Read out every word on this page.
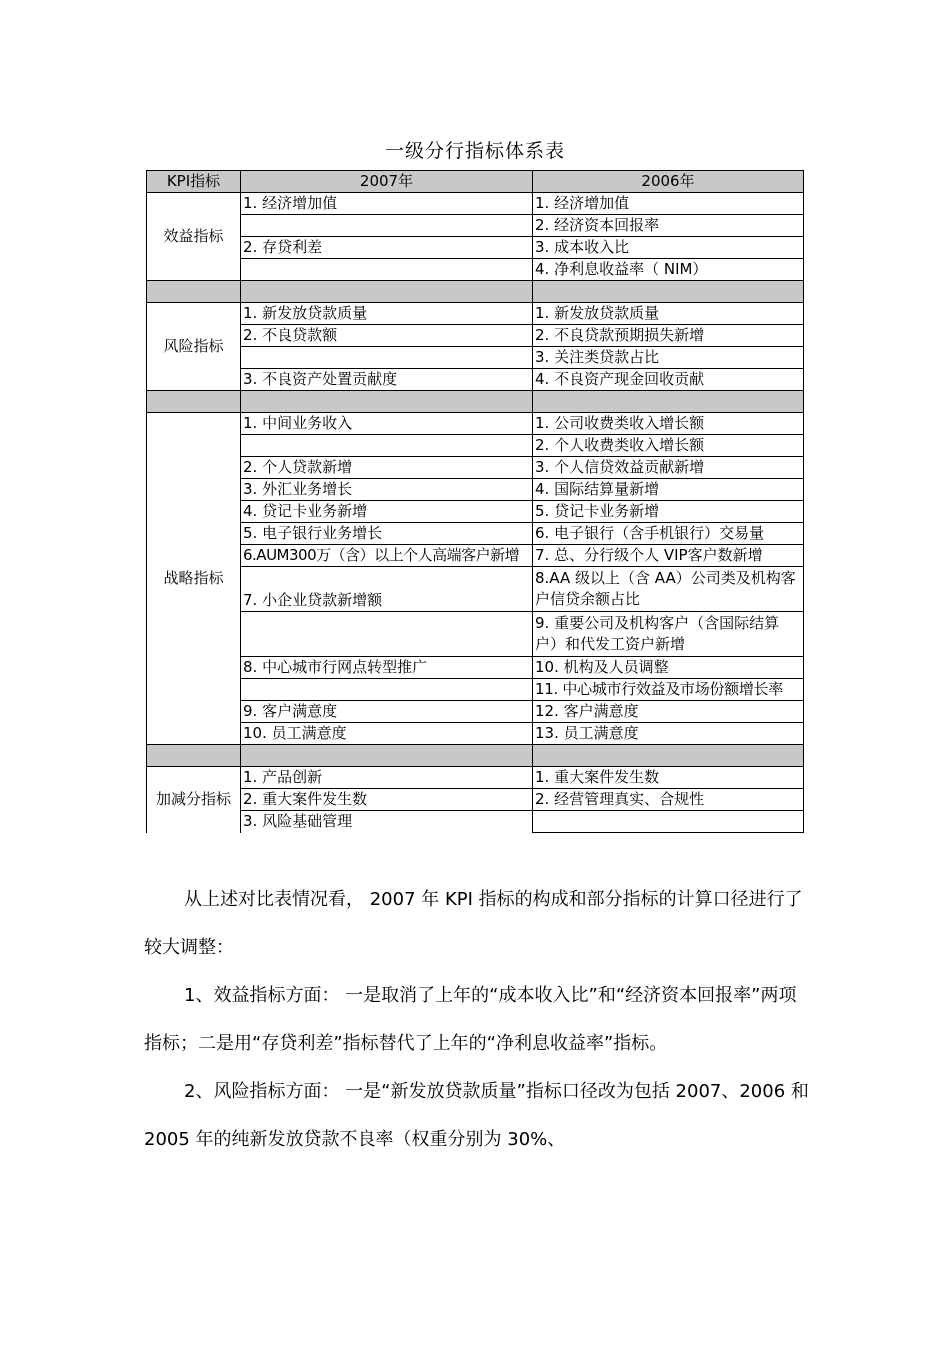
一级分行指标体系表
KPI指标	2007年	2006年
效益指标	1. 经济增加值	1. 经济增加值
		2. 经济资本回报率
	2. 存贷利差	3. 成本收入比
		4. 净利息收益率（ NIM）

风险指标	1. 新发放贷款质量	1. 新发放贷款质量
	2. 不良贷款额	2. 不良贷款预期损失新增
		3. 关注类贷款占比
	3. 不良资产处置贡献度	4. 不良资产现金回收贡献

战略指标	1. 中间业务收入	1. 公司收费类收入增长额
		2. 个人收费类收入增长额
	2. 个人贷款新增	3. 个人信贷效益贡献新增
	3. 外汇业务增长	4. 国际结算量新增
	4. 贷记卡业务新增	5. 贷记卡业务新增
	5. 电子银行业务增长	6. 电子银行（含手机银行）交易量
	6.AUM300万（含）以上个人高端客户新增	7. 总、分行级个人 VIP客户数新增
	7. 小企业贷款新增额	8.AA 级以上（含 AA）公司类及机构客户信贷余额占比
		9. 重要公司及机构客户（含国际结算户）和代发工资户新增
	8. 中心城市行网点转型推广	10. 机构及人员调整
		11. 中心城市行效益及市场份额增长率
	9. 客户满意度	12. 客户满意度
	10. 员工满意度	13. 员工满意度

加减分指标	1. 产品创新	1. 重大案件发生数
	2. 重大案件发生数	2. 经营管理真实、合规性
	3. 风险基础管理	

从上述对比表情况看， 2007 年 KPI 指标的构成和部分指标的计算口径进行了较大调整：

1、效益指标方面： 一是取消了上年的“成本收入比”和“经济资本回报率”两项指标；二是用“存贷利差”指标替代了上年的“净利息收益率”指标。

2、风险指标方面： 一是“新发放贷款质量”指标口径改为包括 2007、2006 和 2005 年的纯新发放贷款不良率（权重分别为 30%、
